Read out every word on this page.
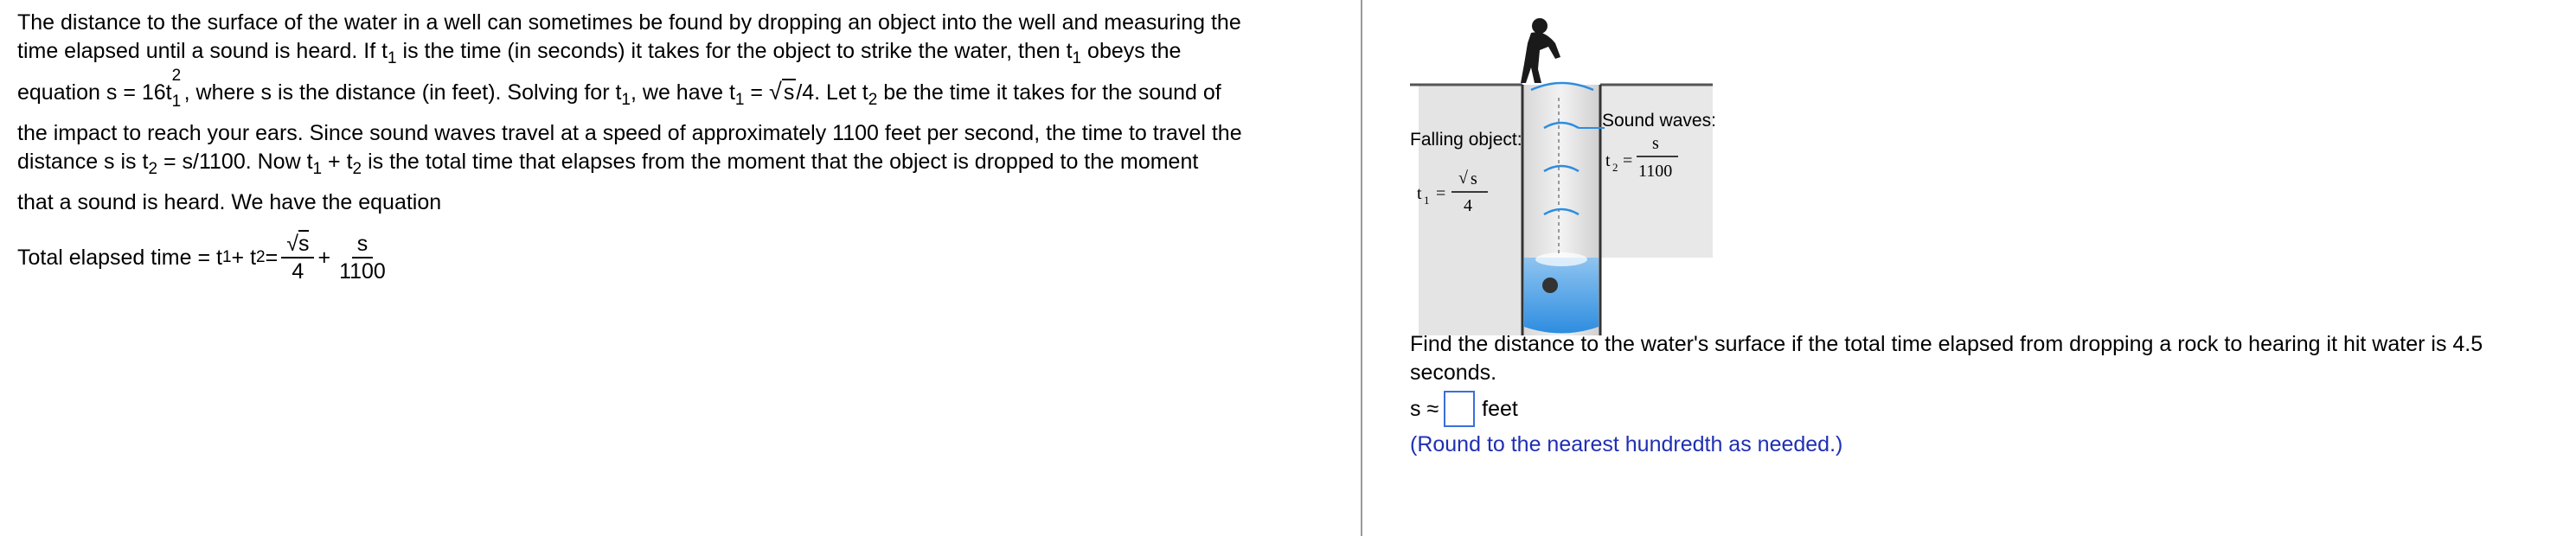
The distance to the surface of the water in a well can sometimes be found by dropping an object into the well and measuring the
time elapsed until a sound is heard. If $t_1$ is the time (in seconds) it takes for the object to strike the water, then $t_1$ obeys the
equation s = 16t
2
1 , where s is the distance (in feet). Solving for $t_1$, we have $t_1 = √s/4$. Let $t_2$ be the time it takes for the sound of
the impact to reach your ears. Since sound waves travel at a speed of approximately 1100 feet per second, the time to travel the
distance s is $t_2 = s/1100$. Now $t_1 + t_2$ is the total time that elapses from the moment that the object is dropped to the moment
that a sound is heard. We have the equation
Total elapsed time = t 1 + t $2 = \frac{√s}{4} + \frac{s}{1100}$
Falling object:
t 1 =
√ s
4
Sound waves:
t 2 =
s
1100
Find the distance to the water's surface if the total time elapsed from dropping a rock to hearing it hit water is 4.5 seconds.
s ≈ feet
(Round to the nearest hundredth as needed.)
